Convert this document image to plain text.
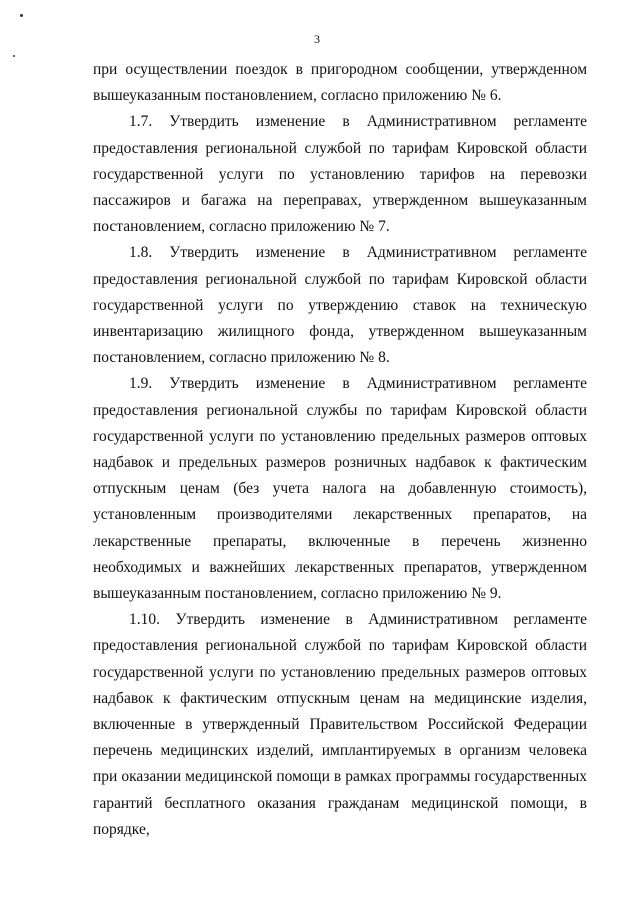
3

при осуществлении поездок в пригородном сообщении, утвержденном вышеуказанным постановлением, согласно приложению № 6.

1.7. Утвердить изменение в Административном регламенте предоставления региональной службой по тарифам Кировской области государственной услуги по установлению тарифов на перевозки пассажиров и багажа на переправах, утвержденном вышеуказанным постановлением, согласно приложению № 7.

1.8. Утвердить изменение в Административном регламенте предоставления региональной службой по тарифам Кировской области государственной услуги по утверждению ставок на техническую инвентаризацию жилищного фонда, утвержденном вышеуказанным постановлением, согласно приложению № 8.

1.9. Утвердить изменение в Административном регламенте предоставления региональной службы по тарифам Кировской области государственной услуги по установлению предельных размеров оптовых надбавок и предельных размеров розничных надбавок к фактическим отпускным ценам (без учета налога на добавленную стоимость), установленным производителями лекарственных препаратов, на лекарственные препараты, включенные в перечень жизненно необходимых и важнейших лекарственных препаратов, утвержденном вышеуказанным постановлением, согласно приложению № 9.

1.10. Утвердить изменение в Административном регламенте предоставления региональной службой по тарифам Кировской области государственной услуги по установлению предельных размеров оптовых надбавок к фактическим отпускным ценам на медицинские изделия, включенные в утвержденный Правительством Российской Федерации перечень медицинских изделий, имплантируемых в организм человека при оказании медицинской помощи в рамках программы государственных гарантий бесплатного оказания гражданам медицинской помощи, в порядке,
